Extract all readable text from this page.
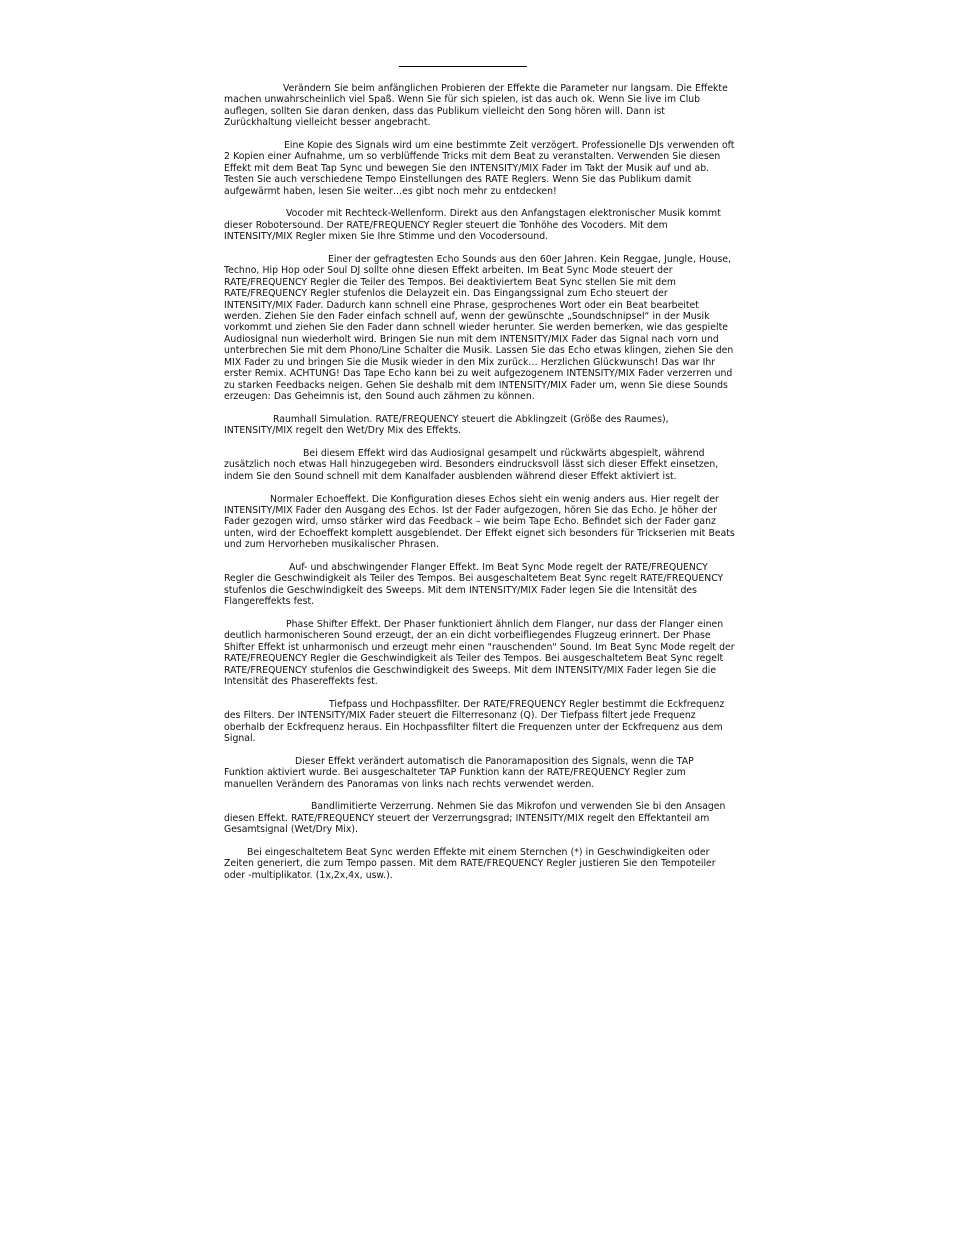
Verändern Sie beim anfänglichen Probieren der Effekte die Parameter nur langsam. Die Effekte machen unwahrscheinlich viel Spaß. Wenn Sie für sich spielen, ist das auch ok. Wenn Sie live im Club auflegen, sollten Sie daran denken, dass das Publikum vielleicht den Song hören will. Dann ist Zurückhaltung vielleicht besser angebracht.

Eine Kopie des Signals wird um eine bestimmte Zeit verzögert. Professionelle DJs verwenden oft 2 Kopien einer Aufnahme, um so verblüffende Tricks mit dem Beat zu veranstalten. Verwenden Sie diesen Effekt mit dem Beat Tap Sync und bewegen Sie den INTENSITY/MIX Fader im Takt der Musik auf und ab. Testen Sie auch verschiedene Tempo Einstellungen des RATE Reglers. Wenn Sie das Publikum damit aufgewärmt haben, lesen Sie weiter…es gibt noch mehr zu entdecken!

Vocoder mit Rechteck-Wellenform. Direkt aus den Anfangstagen elektronischer Musik kommt dieser Robotersound. Der RATE/FREQUENCY Regler steuert die Tonhöhe des Vocoders. Mit dem INTENSITY/MIX Regler mixen Sie Ihre Stimme und den Vocodersound.

Einer der gefragtesten Echo Sounds aus den 60er Jahren. Kein Reggae, Jungle, House, Techno, Hip Hop oder Soul DJ sollte ohne diesen Effekt arbeiten. Im Beat Sync Mode steuert der RATE/FREQUENCY Regler die Teiler des Tempos. Bei deaktiviertem Beat Sync stellen Sie mit dem RATE/FREQUENCY Regler stufenlos die Delayzeit ein. Das Eingangssignal zum Echo steuert der INTENSITY/MIX Fader. Dadurch kann schnell eine Phrase, gesprochenes Wort oder ein Beat bearbeitet werden. Ziehen Sie den Fader einfach schnell auf, wenn der gewünschte „Soundschnipsel“ in der Musik vorkommt und ziehen Sie den Fader dann schnell wieder herunter. Sie werden bemerken, wie das gespielte Audiosignal nun wiederholt wird. Bringen Sie nun mit dem INTENSITY/MIX Fader das Signal nach vorn und unterbrechen Sie mit dem Phono/Line Schalter die Musik. Lassen Sie das Echo etwas klingen, ziehen Sie den MIX Fader zu und bringen Sie die Musik wieder in den Mix zurück… Herzlichen Glückwunsch! Das war Ihr erster Remix. ACHTUNG! Das Tape Echo kann bei zu weit aufgezogenem INTENSITY/MIX Fader verzerren und zu starken Feedbacks neigen. Gehen Sie deshalb mit dem INTENSITY/MIX Fader um, wenn Sie diese Sounds erzeugen: Das Geheimnis ist, den Sound auch zähmen zu können.

Raumhall Simulation. RATE/FREQUENCY steuert die Abklingzeit (Größe des Raumes), INTENSITY/MIX regelt den Wet/Dry Mix des Effekts.

Bei diesem Effekt wird das Audiosignal gesampelt und rückwärts abgespielt, während zusätzlich noch etwas Hall hinzugegeben wird. Besonders eindrucksvoll lässt sich dieser Effekt einsetzen, indem Sie den Sound schnell mit dem Kanalfader ausblenden während dieser Effekt aktiviert ist.

Normaler Echoeffekt. Die Konfiguration dieses Echos sieht ein wenig anders aus. Hier regelt der INTENSITY/MIX Fader den Ausgang des Echos. Ist der Fader aufgezogen, hören Sie das Echo. Je höher der Fader gezogen wird, umso stärker wird das Feedback – wie beim Tape Echo. Befindet sich der Fader ganz unten, wird der Echoeffekt komplett ausgeblendet. Der Effekt eignet sich besonders für Trickserien mit Beats und zum Hervorheben musikalischer Phrasen.

Auf- und abschwingender Flanger Effekt. Im Beat Sync Mode regelt der RATE/FREQUENCY Regler die Geschwindigkeit als Teiler des Tempos. Bei ausgeschaltetem Beat Sync regelt RATE/FREQUENCY stufenlos die Geschwindigkeit des Sweeps. Mit dem INTENSITY/MIX Fader legen Sie die Intensität des Flangereffekts fest.

Phase Shifter Effekt. Der Phaser funktioniert ähnlich dem Flanger, nur dass der Flanger einen deutlich harmonischeren Sound erzeugt, der an ein dicht vorbeifliegendes Flugzeug erinnert. Der Phase Shifter Effekt ist unharmonisch und erzeugt mehr einen "rauschenden" Sound. Im Beat Sync Mode regelt der RATE/FREQUENCY Regler die Geschwindigkeit als Teiler des Tempos. Bei ausgeschaltetem Beat Sync regelt RATE/FREQUENCY stufenlos die Geschwindigkeit des Sweeps. Mit dem INTENSITY/MIX Fader legen Sie die Intensität des Phasereffekts fest.

Tiefpass und Hochpassfilter. Der RATE/FREQUENCY Regler bestimmt die Eckfrequenz des Filters. Der INTENSITY/MIX Fader steuert die Filterresonanz (Q). Der Tiefpass filtert jede Frequenz oberhalb der Eckfrequenz heraus. Ein Hochpassfilter filtert die Frequenzen unter der Eckfrequenz aus dem Signal.

Dieser Effekt verändert automatisch die Panoramaposition des Signals, wenn die TAP Funktion aktiviert wurde. Bei ausgeschalteter TAP Funktion kann der RATE/FREQUENCY Regler zum manuellen Verändern des Panoramas von links nach rechts verwendet werden.

Bandlimitierte Verzerrung. Nehmen Sie das Mikrofon und verwenden Sie bi den Ansagen diesen Effekt. RATE/FREQUENCY steuert der Verzerrungsgrad; INTENSITY/MIX regelt den Effektanteil am Gesamtsignal (Wet/Dry Mix).

Bei eingeschaltetem Beat Sync werden Effekte mit einem Sternchen (*) in Geschwindigkeiten oder Zeiten generiert, die zum Tempo passen. Mit dem RATE/FREQUENCY Regler justieren Sie den Tempoteiler oder -multiplikator. (1x,2x,4x, usw.).
